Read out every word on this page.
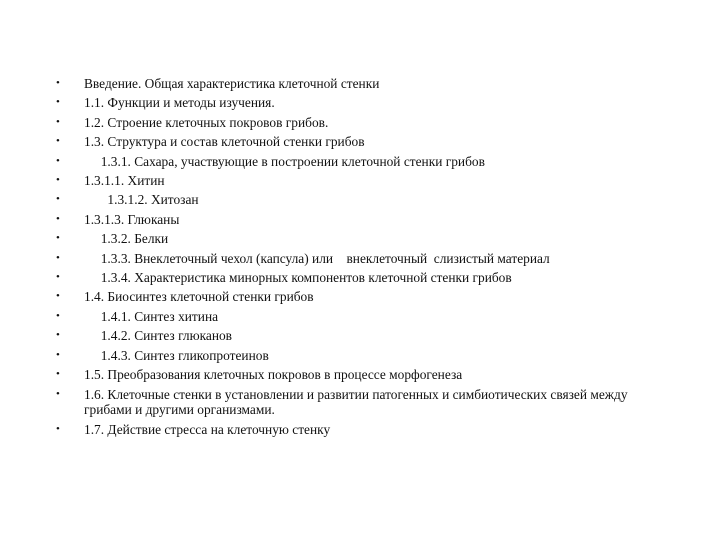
•	Введение. Общая характеристика клеточной стенки
•	1.1. Функции и методы изучения.
•	1.2. Строение клеточных покровов грибов.
•	1.3. Структура и состав клеточной стенки грибов
•	1.3.1. Сахара, участвующие в построении клеточной стенки грибов
•	1.3.1.1. Хитин
•	1.3.1.2. Хитозан
•	1.3.1.3. Глюканы
•	1.3.2. Белки
•	1.3.3. Внеклеточный чехол (капсула) или    внеклеточный  слизистый материал
•	1.3.4. Характеристика минорных компонентов клеточной стенки грибов
•	1.4. Биосинтез клеточной стенки грибов
•	1.4.1. Синтез хитина
•	1.4.2. Синтез глюканов
•	1.4.3. Синтез гликопротеинов
•	1.5. Преобразования клеточных покровов в процессе морфогенеза
•	1.6. Клеточные стенки в установлении и развитии патогенных и симбиотических связей между грибами и другими организмами.
•	1.7. Действие стресса на клеточную стенку
